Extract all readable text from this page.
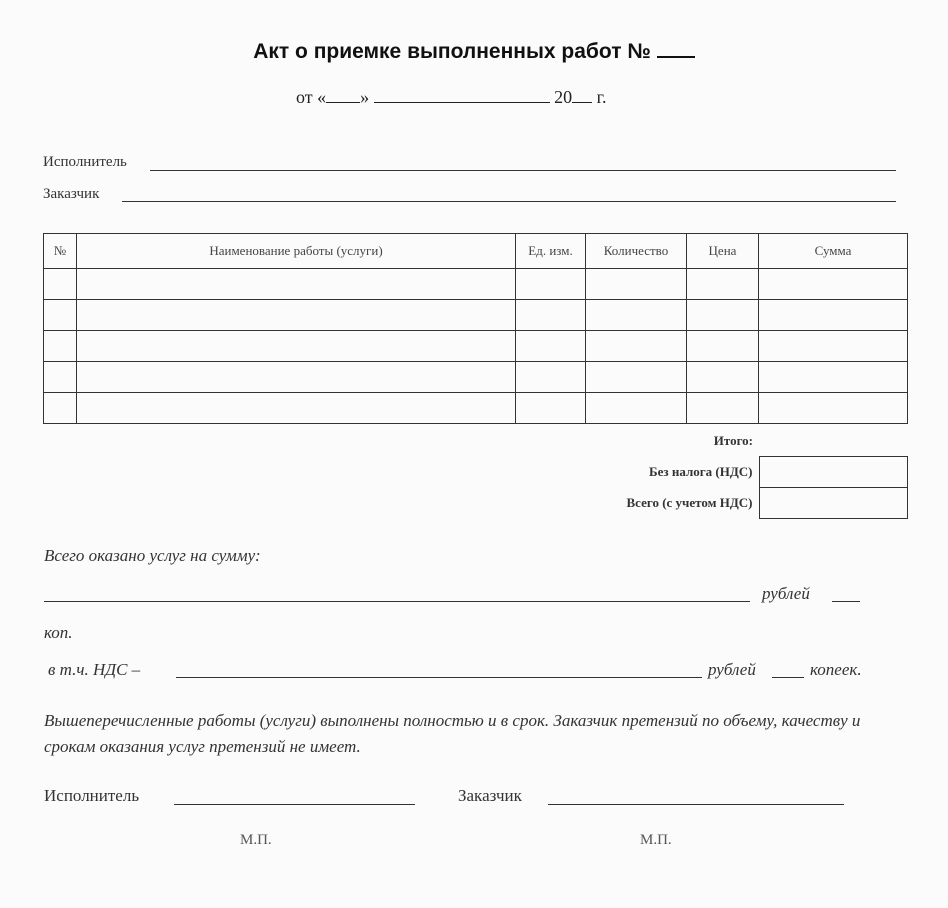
Акт о приемке выполненных работ №
от « »	20 г.
Исполнитель
Заказчик
№	Наименование работы (услуги)	Ед. изм.	Количество	Цена	Сумма

Итого:	
Без налога (НДС)	
Всего (с учетом НДС)	
Всего оказано услуг на сумму:
рублей
коп.
в т.ч. НДС –	рублей	копеек.
Вышеперечисленные работы (услуги) выполнены полностью и в срок. Заказчик претензий по объему, качеству и срокам оказания услуг претензий не имеет.
Исполнитель	Заказчик
М.П.	М.П.
